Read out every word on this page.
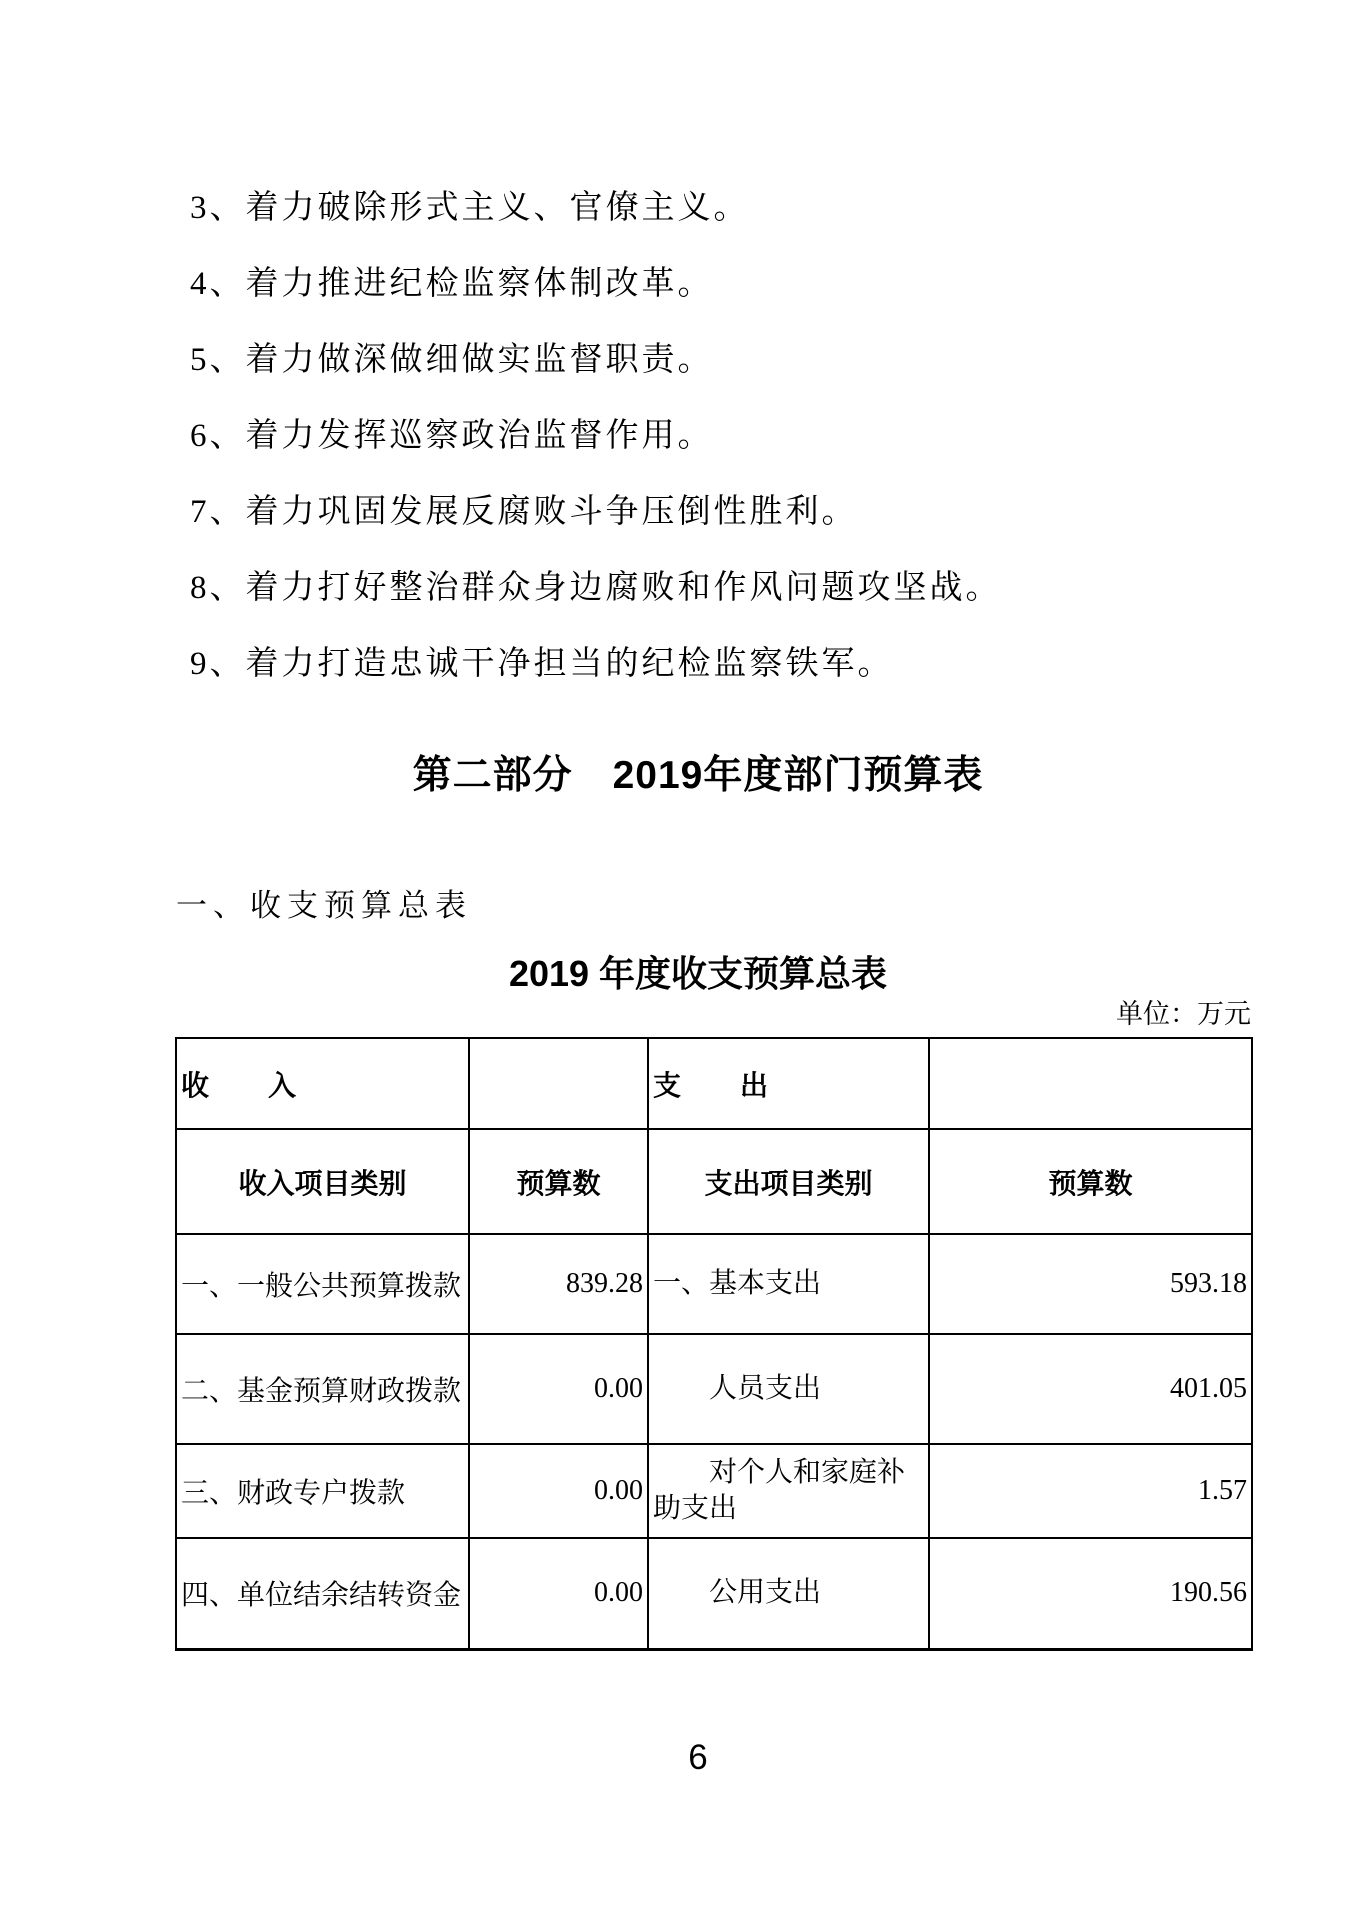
3、着力破除形式主义、官僚主义。
4、着力推进纪检监察体制改革。
5、着力做深做细做实监督职责。
6、着力发挥巡察政治监督作用。
7、着力巩固发展反腐败斗争压倒性胜利。
8、着力打好整治群众身边腐败和作风问题攻坚战。
9、着力打造忠诚干净担当的纪检监察铁军。
第二部分　2019年度部门预算表
一、收支预算总表
2019 年度收支预算总表
单位：万元
收　　入		支　　出	
收入项目类别	预算数	支出项目类别	预算数
一、一般公共预算拨款	839.28	一、基本支出	593.18
二、基金预算财政拨款	0.00	人员支出	401.05
三、财政专户拨款	0.00	对个人和家庭补助支出	1.57
四、单位结余结转资金	0.00	公用支出	190.56
6
